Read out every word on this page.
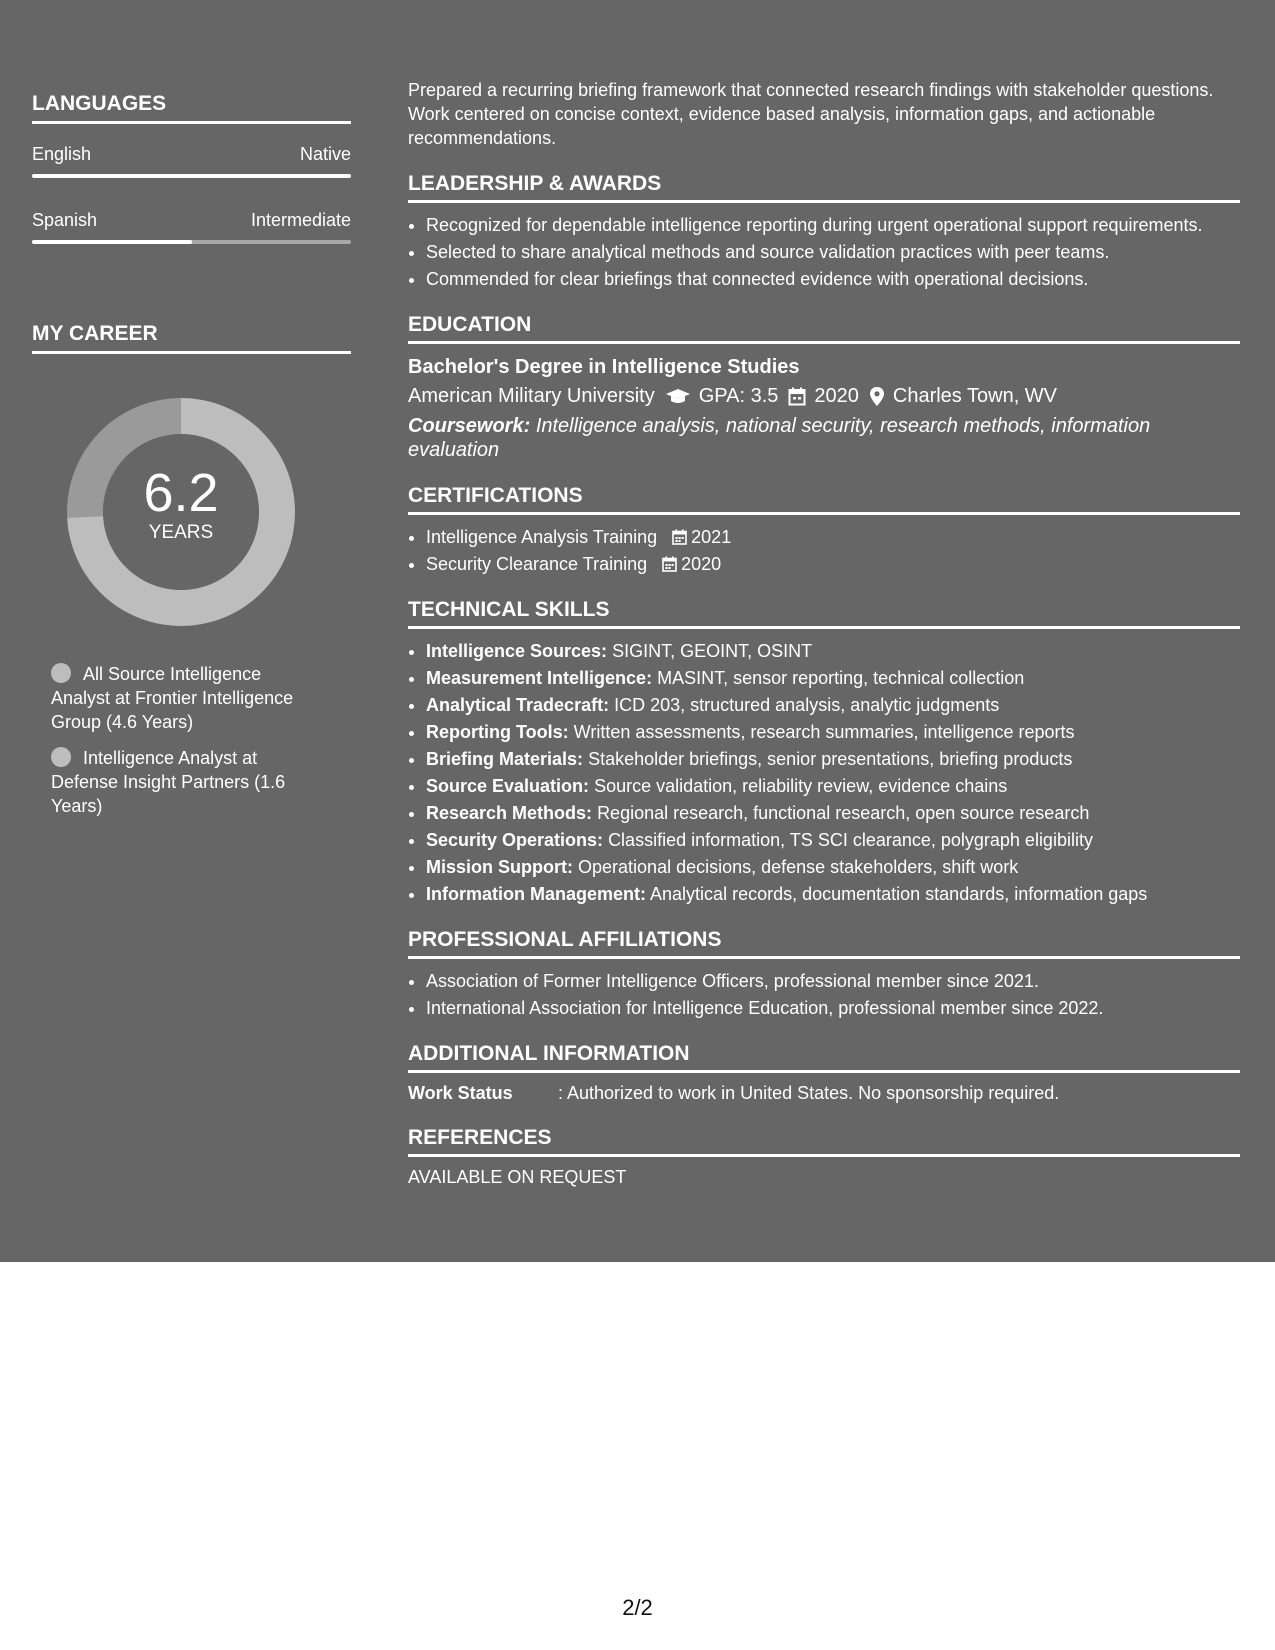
LANGUAGES
English	Native
Spanish	Intermediate
MY CAREER
6.2
YEARS
All Source Intelligence Analyst at Frontier Intelligence Group (4.6 Years)
Intelligence Analyst at Defense Insight Partners (1.6 Years)

Prepared a recurring briefing framework that connected research findings with stakeholder questions. Work centered on concise context, evidence based analysis, information gaps, and actionable recommendations.

LEADERSHIP & AWARDS
• Recognized for dependable intelligence reporting during urgent operational support requirements.
• Selected to share analytical methods and source validation practices with peer teams.
• Commended for clear briefings that connected evidence with operational decisions.
EDUCATION
Bachelor's Degree in Intelligence Studies
American Military University GPA: 3.5 2020 Charles Town, WV
Coursework: Intelligence analysis, national security, research methods, information evaluation
CERTIFICATIONS
• Intelligence Analysis Training 2021
• Security Clearance Training 2020
TECHNICAL SKILLS
• Intelligence Sources: SIGINT, GEOINT, OSINT
• Measurement Intelligence: MASINT, sensor reporting, technical collection
• Analytical Tradecraft: ICD 203, structured analysis, analytic judgments
• Reporting Tools: Written assessments, research summaries, intelligence reports
• Briefing Materials: Stakeholder briefings, senior presentations, briefing products
• Source Evaluation: Source validation, reliability review, evidence chains
• Research Methods: Regional research, functional research, open source research
• Security Operations: Classified information, TS SCI clearance, polygraph eligibility
• Mission Support: Operational decisions, defense stakeholders, shift work
• Information Management: Analytical records, documentation standards, information gaps
PROFESSIONAL AFFILIATIONS
• Association of Former Intelligence Officers, professional member since 2021.
• International Association for Intelligence Education, professional member since 2022.
ADDITIONAL INFORMATION
Work Status	: Authorized to work in United States. No sponsorship required.
REFERENCES
AVAILABLE ON REQUEST
2/2
